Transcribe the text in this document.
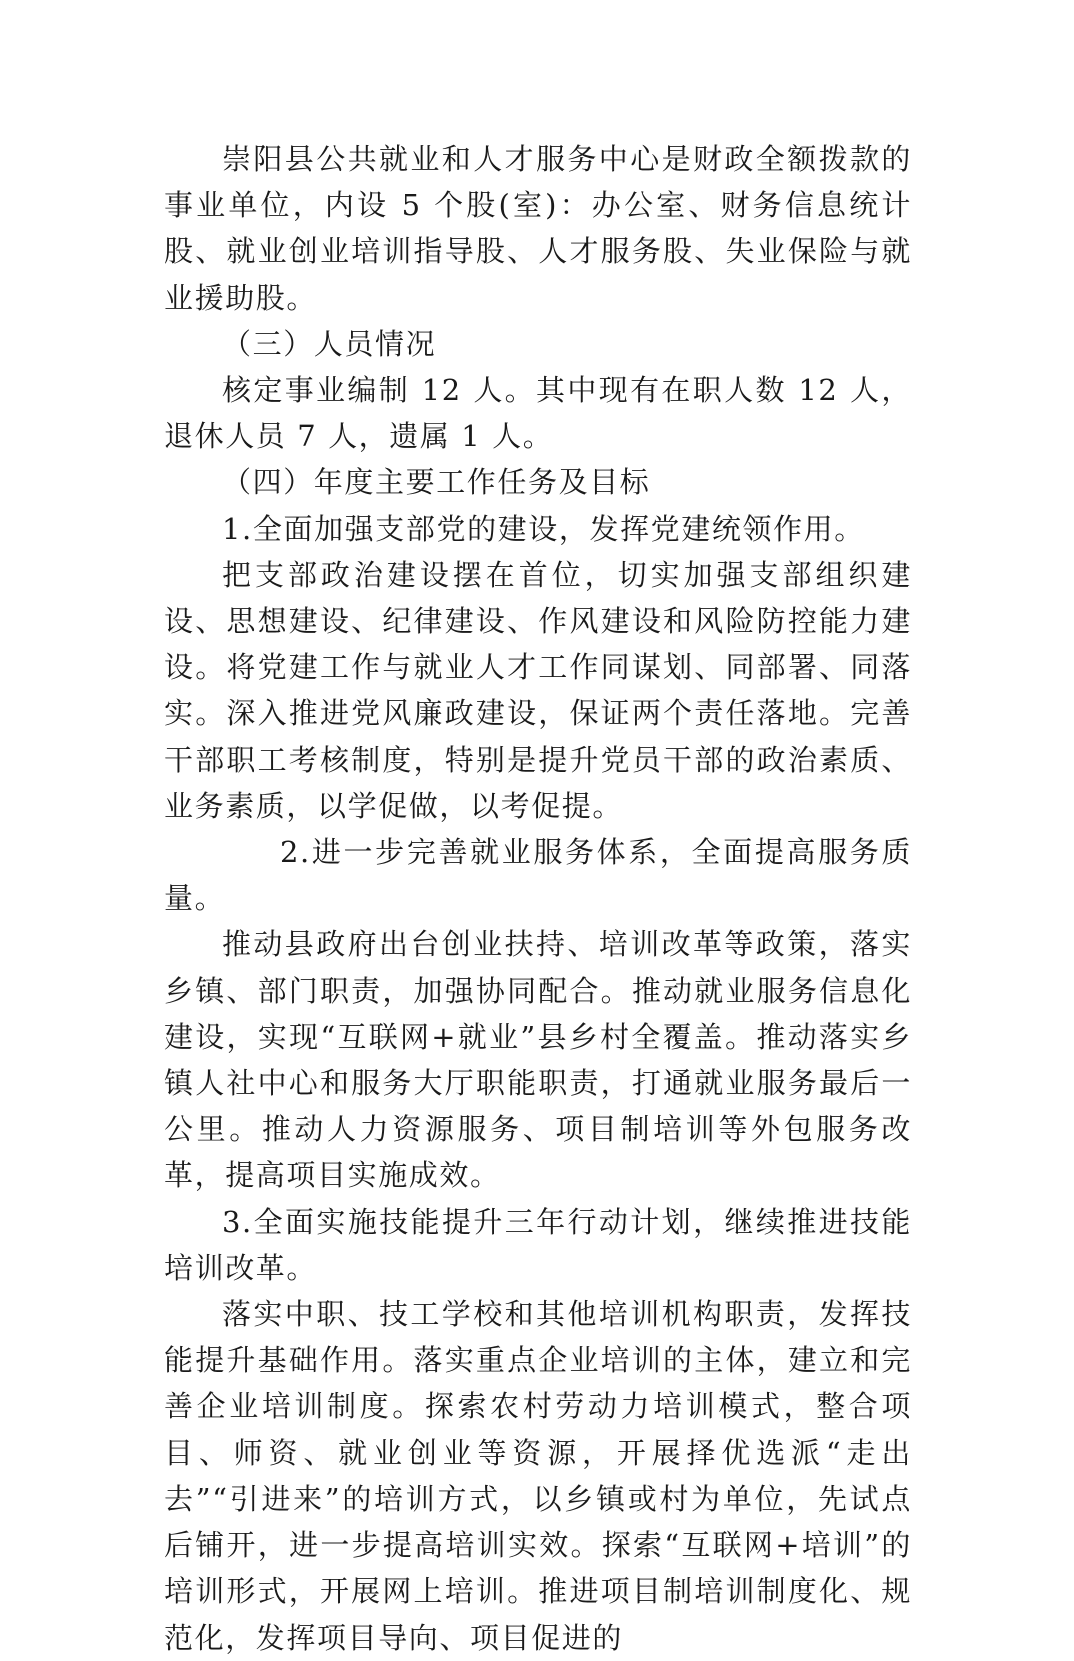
崇阳县公共就业和人才服务中心是财政全额拨款的事业单位，内设 5 个股(室)：办公室、财务信息统计股、就业创业培训指导股、人才服务股、失业保险与就业援助股。

（三）人员情况

核定事业编制 12 人。其中现有在职人数 12 人，退休人员 7 人，遗属 1 人。

（四）年度主要工作任务及目标

1.全面加强支部党的建设，发挥党建统领作用。

把支部政治建设摆在首位，切实加强支部组织建设、思想建设、纪律建设、作风建设和风险防控能力建设。将党建工作与就业人才工作同谋划、同部署、同落实。深入推进党风廉政建设，保证两个责任落地。完善干部职工考核制度，特别是提升党员干部的政治素质、业务素质，以学促做，以考促提。

2.进一步完善就业服务体系，全面提高服务质量。

推动县政府出台创业扶持、培训改革等政策，落实乡镇、部门职责，加强协同配合。推动就业服务信息化建设，实现“互联网+就业”县乡村全覆盖。推动落实乡镇人社中心和服务大厅职能职责，打通就业服务最后一公里。推动人力资源服务、项目制培训等外包服务改革，提高项目实施成效。

3.全面实施技能提升三年行动计划，继续推进技能培训改革。

落实中职、技工学校和其他培训机构职责，发挥技能提升基础作用。落实重点企业培训的主体，建立和完善企业培训制度。探索农村劳动力培训模式，整合项目、师资、就业创业等资源，开展择优选派“走出去”“引进来”的培训方式，以乡镇或村为单位，先试点后铺开，进一步提高培训实效。探索“互联网+培训”的培训形式，开展网上培训。推进项目制培训制度化、规范化，发挥项目导向、项目促进的
